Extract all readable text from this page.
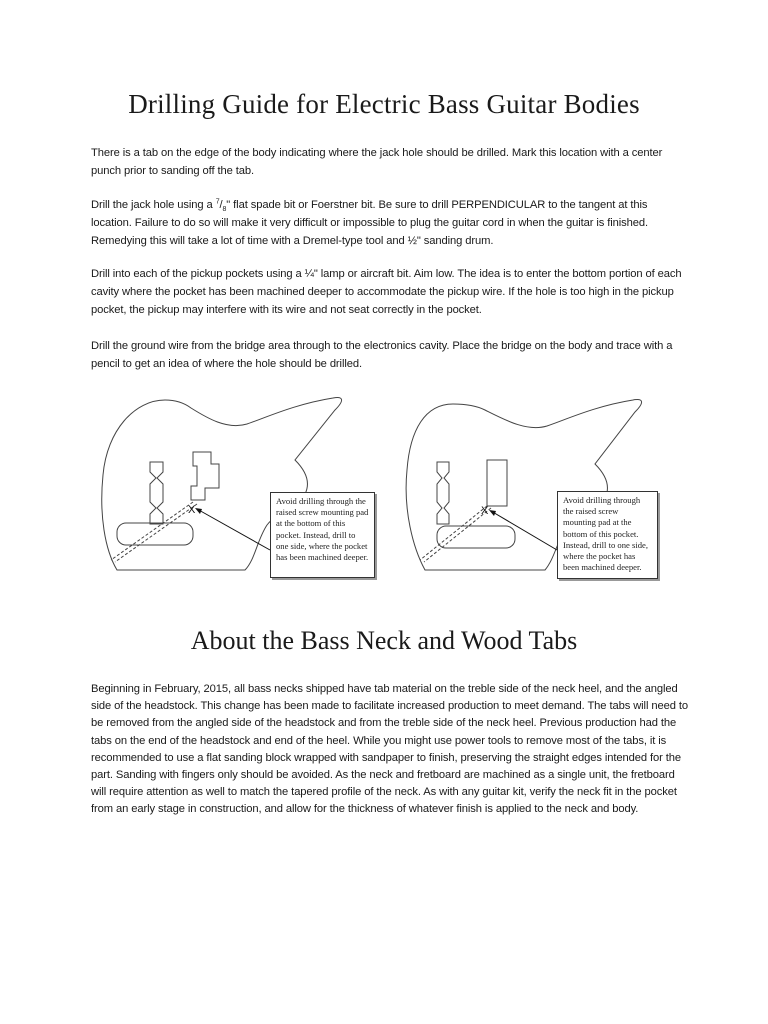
Drilling Guide for Electric Bass Guitar Bodies

There is a tab on the edge of the body indicating where the jack hole should be drilled. Mark this location with a center punch prior to sanding off the tab.

Drill the jack hole using a $^7/_8$" flat spade bit or Foerstner bit. Be sure to drill PERPENDICULAR to the tangent at this location. Failure to do so will make it very difficult or impossible to plug the guitar cord in when the guitar is finished. Remedying this will take a lot of time with a Dremel-type tool and ½" sanding drum.

Drill into each of the pickup pockets using a ¼" lamp or aircraft bit. Aim low. The idea is to enter the bottom portion of each cavity where the pocket has been machined deeper to accommodate the pickup wire. If the hole is too high in the pickup pocket, the pickup may interfere with its wire and not seat correctly in the pocket.

Drill the ground wire from the bridge area through to the electronics cavity. Place the bridge on the body and trace with a pencil to get an idea of where the hole should be drilled.

X	X
Avoid drilling through the raised screw mounting pad at the bottom of this pocket. Instead, drill to one side, where the pocket has been machined deeper.
Avoid drilling through the raised screw mounting pad at the bottom of this pocket. Instead, drill to one side, where the pocket has been machined deeper.
About the Bass Neck and Wood Tabs

Beginning in February, 2015, all bass necks shipped have tab material on the treble side of the neck heel, and the angled side of the headstock. This change has been made to facilitate increased production to meet demand. The tabs will need to be removed from the angled side of the headstock and from the treble side of the neck heel. Previous production had the tabs on the end of the headstock and end of the heel. While you might use power tools to remove most of the tabs, it is recommended to use a flat sanding block wrapped with sandpaper to finish, preserving the straight edges intended for the part. Sanding with fingers only should be avoided. As the neck and fretboard are machined as a single unit, the fretboard will require attention as well to match the tapered profile of the neck. As with any guitar kit, verify the neck fit in the pocket from an early stage in construction, and allow for the thickness of whatever finish is applied to the neck and body.
